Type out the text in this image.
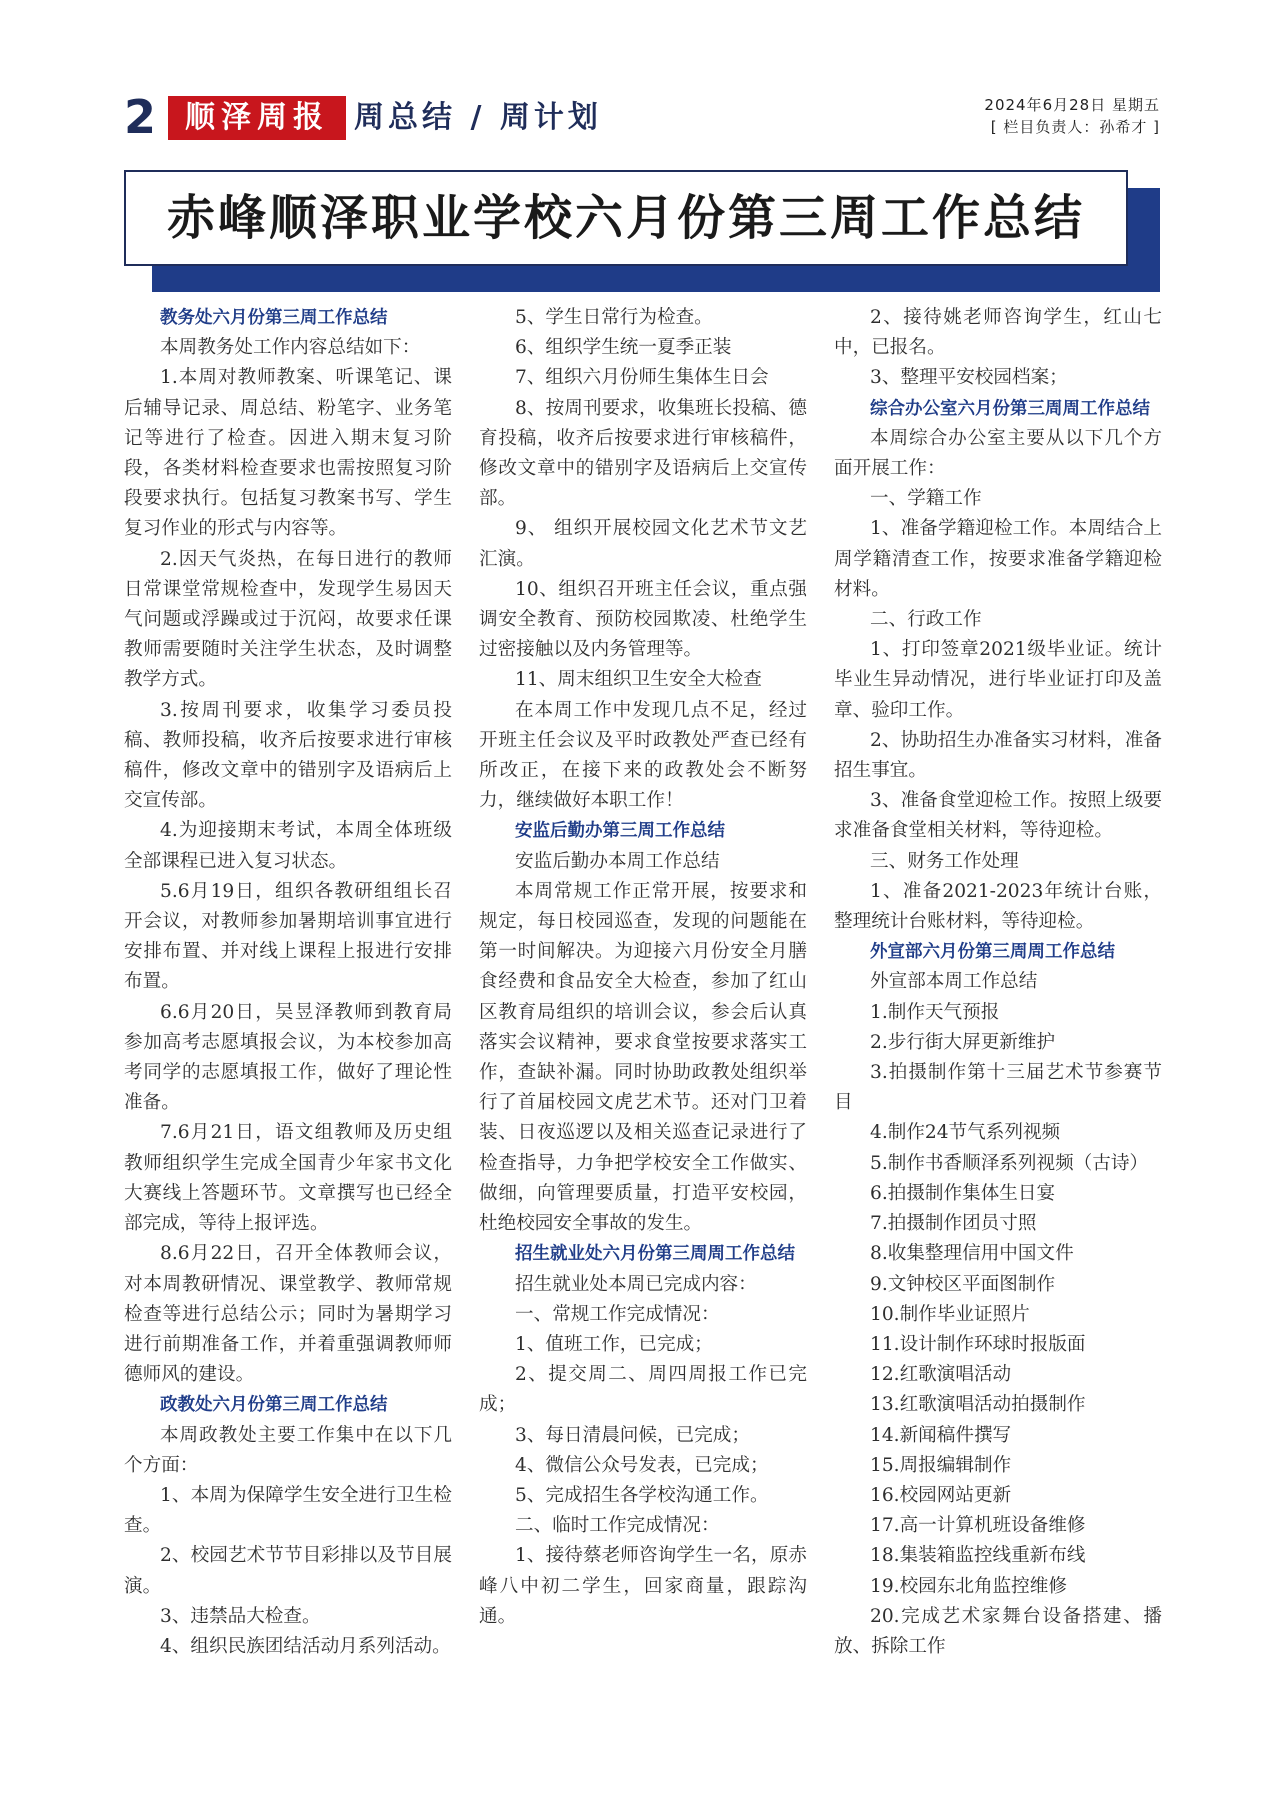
2 顺泽周报 周总结 / 周计划	2024年6月28日 星期五
[ 栏目负责人：孙希才 ]
赤峰顺泽职业学校六月份第三周工作总结

教务处六月份第三周工作总结

本周教务处工作内容总结如下：

1.本周对教师教案、听课笔记、课后辅导记录、周总结、粉笔字、业务笔记等进行了检查。因进入期末复习阶段，各类材料检查要求也需按照复习阶段要求执行。包括复习教案书写、学生复习作业的形式与内容等。

2.因天气炎热，在每日进行的教师日常课堂常规检查中，发现学生易因天气问题或浮躁或过于沉闷，故要求任课教师需要随时关注学生状态，及时调整教学方式。

3.按周刊要求，收集学习委员投稿、教师投稿，收齐后按要求进行审核稿件，修改文章中的错别字及语病后上交宣传部。

4.为迎接期末考试，本周全体班级全部课程已进入复习状态。

5.6月19日，组织各教研组组长召开会议，对教师参加暑期培训事宜进行安排布置、并对线上课程上报进行安排布置。

6.6月20日，吴昱泽教师到教育局参加高考志愿填报会议，为本校参加高考同学的志愿填报工作，做好了理论性准备。

7.6月21日，语文组教师及历史组教师组织学生完成全国青少年家书文化大赛线上答题环节。文章撰写也已经全部完成，等待上报评选。

8.6月22日，召开全体教师会议，对本周教研情况、课堂教学、教师常规检查等进行总结公示；同时为暑期学习进行前期准备工作，并着重强调教师师德师风的建设。

政教处六月份第三周工作总结

本周政教处主要工作集中在以下几个方面：

1、本周为保障学生安全进行卫生检查。

2、校园艺术节节目彩排以及节目展演。

3、违禁品大检查。

4、组织民族团结活动月系列活动。

5、学生日常行为检查。

6、组织学生统一夏季正装

7、组织六月份师生集体生日会

8、按周刊要求，收集班长投稿、德育投稿，收齐后按要求进行审核稿件，修改文章中的错别字及语病后上交宣传部。

9、 组织开展校园文化艺术节文艺汇演。

10、组织召开班主任会议，重点强调安全教育、预防校园欺凌、杜绝学生过密接触以及内务管理等。

11、周末组织卫生安全大检查

在本周工作中发现几点不足，经过开班主任会议及平时政教处严查已经有所改正，在接下来的政教处会不断努力，继续做好本职工作！

安监后勤办第三周工作总结

安监后勤办本周工作总结

本周常规工作正常开展，按要求和规定，每日校园巡查，发现的问题能在第一时间解决。为迎接六月份安全月膳食经费和食品安全大检查，参加了红山区教育局组织的培训会议，参会后认真落实会议精神，要求食堂按要求落实工作，查缺补漏。同时协助政教处组织举行了首届校园文虎艺术节。还对门卫着装、日夜巡逻以及相关巡查记录进行了检查指导，力争把学校安全工作做实、做细，向管理要质量，打造平安校园，杜绝校园安全事故的发生。

招生就业处六月份第三周周工作总结

招生就业处本周已完成内容：

一、常规工作完成情况：

1、值班工作，已完成；

2、提交周二、周四周报工作已完成；

3、每日清晨问候，已完成；

4、微信公众号发表，已完成；

5、完成招生各学校沟通工作。

二、临时工作完成情况：

1、接待蔡老师咨询学生一名，原赤峰八中初二学生，回家商量，跟踪沟通。

2、接待姚老师咨询学生，红山七中，已报名。

3、整理平安校园档案；

综合办公室六月份第三周周工作总结

本周综合办公室主要从以下几个方面开展工作：

一、学籍工作

1、准备学籍迎检工作。本周结合上周学籍清查工作，按要求准备学籍迎检材料。

二、行政工作

1、打印签章2021级毕业证。统计毕业生异动情况，进行毕业证打印及盖章、验印工作。

2、协助招生办准备实习材料，准备招生事宜。

3、准备食堂迎检工作。按照上级要求准备食堂相关材料，等待迎检。

三、财务工作处理

1、准备2021-2023年统计台账，整理统计台账材料，等待迎检。

外宣部六月份第三周周工作总结

外宣部本周工作总结

1.制作天气预报

2.步行街大屏更新维护

3.拍摄制作第十三届艺术节参赛节目

4.制作24节气系列视频

5.制作书香顺泽系列视频（古诗）

6.拍摄制作集体生日宴

7.拍摄制作团员寸照

8.收集整理信用中国文件

9.文钟校区平面图制作

10.制作毕业证照片

11.设计制作环球时报版面

12.红歌演唱活动

13.红歌演唱活动拍摄制作

14.新闻稿件撰写

15.周报编辑制作

16.校园网站更新

17.高一计算机班设备维修

18.集装箱监控线重新布线

19.校园东北角监控维修

20.完成艺术家舞台设备搭建、播放、拆除工作
